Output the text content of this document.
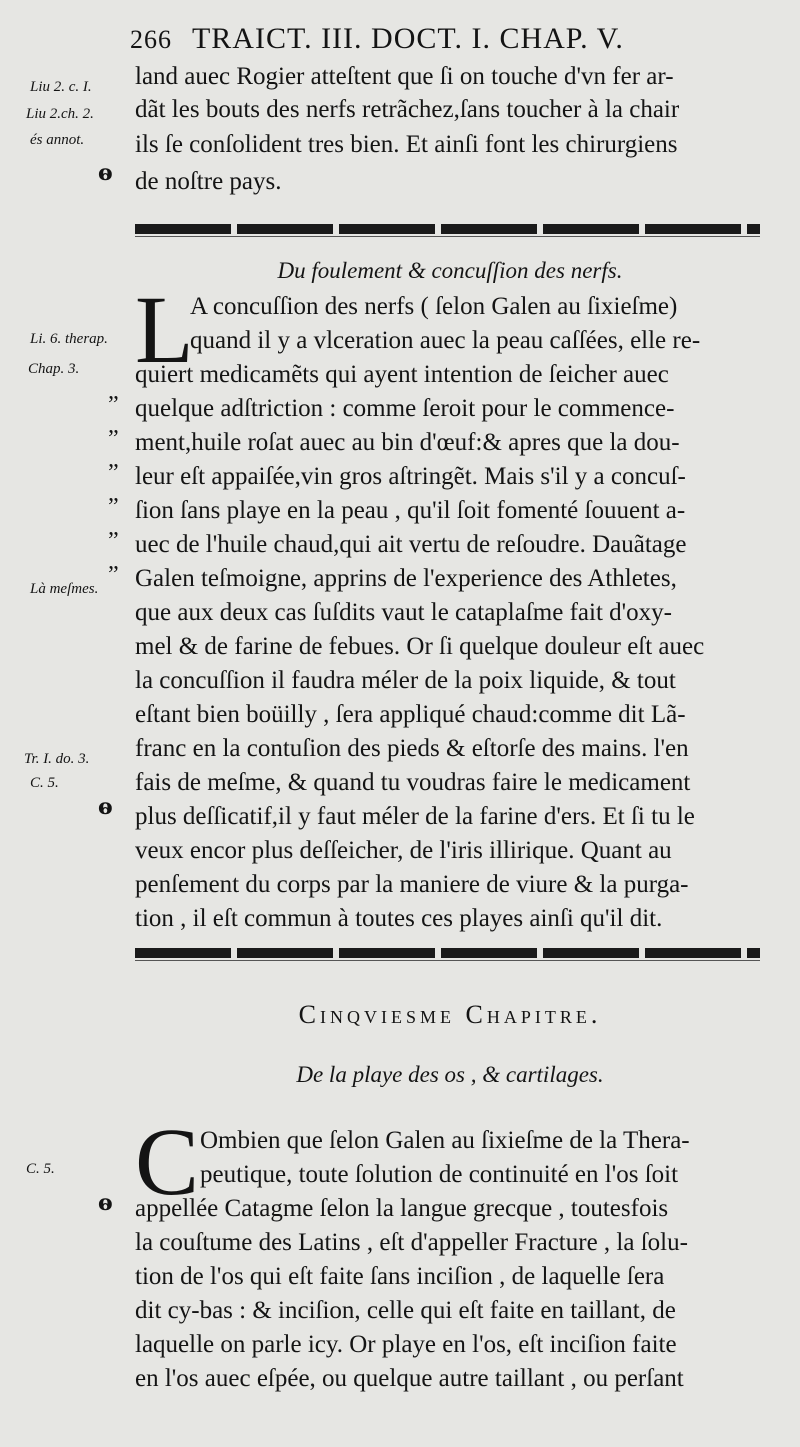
266 TRAICT. III. DOCT. I. CHAP. V.
Liu 2. c. I.
Liu 2.ch. 2.
és annot.
ⱺ
land auec Rogier atteſtent que ſi on touche d'vn fer ar-
dãt les bouts des nerfs retrãchez,ſans toucher à la chair
ils ſe conſolident tres bien. Et ainſi font les chirurgiens
de noſtre pays.
Du foulement & concuſſion des nerfs.
L
Li. 6. therap.
Chap. 3.
Là meſmes.
Tr. I. do. 3.
C. 5.
ⱺ
”
”
”
”
”
”
A concuſſion des nerfs ( ſelon Galen au ſixieſme)
quand il y a vlceration auec la peau caſſées, elle re-
quiert medicamẽts qui ayent intention de ſeicher auec
quelque adſtriction : comme ſeroit pour le commence-
ment,huile roſat auec au bin d'œuf:& apres que la dou-
leur eſt appaiſée,vin gros aſtringẽt. Mais s'il y a concuſ-
ſion ſans playe en la peau , qu'il ſoit fomenté ſouuent a-
uec de l'huile chaud,qui ait vertu de reſoudre. Dauãtage
Galen teſmoigne, apprins de l'experience des Athletes,
que aux deux cas ſuſdits vaut le cataplaſme fait d'oxy-
mel & de farine de febues. Or ſi quelque douleur eſt auec
la concuſſion il faudra méler de la poix liquide, & tout
eſtant bien boüilly , ſera appliqué chaud:comme dit Lã-
franc en la contuſion des pieds & eſtorſe des mains. l'en
fais de meſme, & quand tu voudras faire le medicament
plus deſſicatif,il y faut méler de la farine d'ers. Et ſi tu le
veux encor plus deſſeicher, de l'iris illirique. Quant au
penſement du corps par la maniere de viure & la purga-
tion , il eſt commun à toutes ces playes ainſi qu'il dit.
Cinqviesme Chapitre.
De la playe des os , & cartilages.
C
C. 5.
ⱺ
Ombien que ſelon Galen au ſixieſme de la Thera-
peutique, toute ſolution de continuité en l'os ſoit
appellée Catagme ſelon la langue grecque , toutesfois
la couſtume des Latins , eſt d'appeller Fracture , la ſolu-
tion de l'os qui eſt faite ſans inciſion , de laquelle ſera
dit cy-bas : & inciſion, celle qui eſt faite en taillant, de
laquelle on parle icy. Or playe en l'os, eſt inciſion faite
en l'os auec eſpée, ou quelque autre taillant , ou perſant
